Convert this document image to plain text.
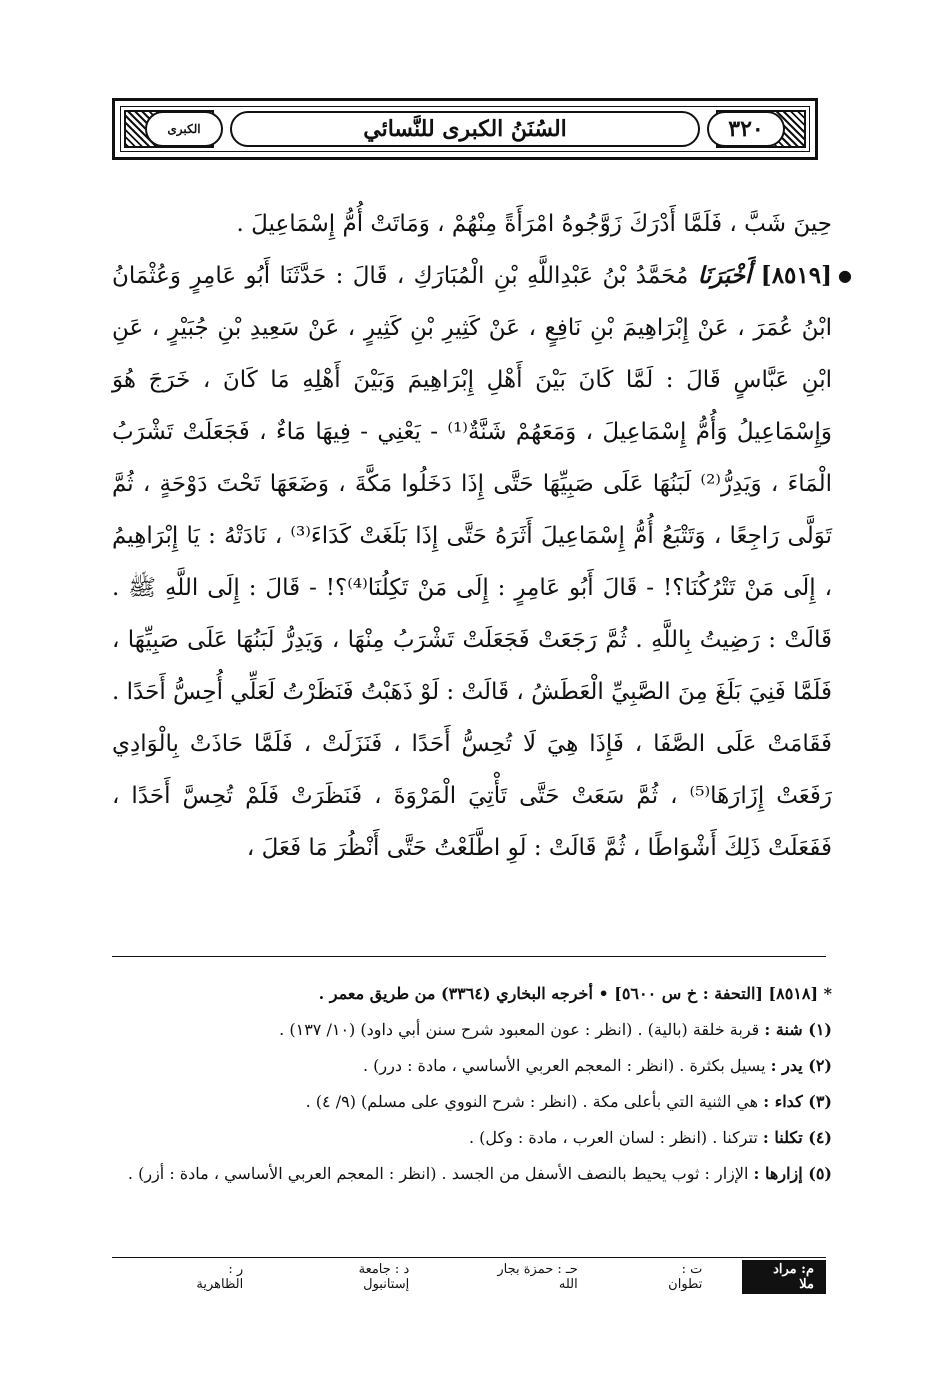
الكبرى	السُنَنُ الكبرى للنَّسائي	٣٢٠

حِينَ شَبَّ ، فَلَمَّا أَدْرَكَ زَوَّجُوهُ امْرَأَةً مِنْهُمْ ، وَمَاتَتْ أُمُّ إِسْمَاعِيلَ .

●
[٨٥١٩] أَخْبَرَنَا مُحَمَّدُ بْنُ عَبْدِاللَّهِ بْنِ الْمُبَارَكِ ، قَالَ : حَدَّثَنَا أَبُو عَامِرٍ وَعُثْمَانُ ابْنُ عُمَرَ ، عَنْ إِبْرَاهِيمَ بْنِ نَافِعٍ ، عَنْ كَثِيرِ بْنِ كَثِيرٍ ، عَنْ سَعِيدِ بْنِ جُبَيْرٍ ، عَنِ ابْنِ عَبَّاسٍ قَالَ : لَمَّا كَانَ بَيْنَ أَهْلِ إِبْرَاهِيمَ وَبَيْنَ أَهْلِهِ مَا كَانَ ، خَرَجَ هُوَ وَإِسْمَاعِيلُ وَأُمُّ إِسْمَاعِيلَ ، وَمَعَهُمْ شَنَّةٌ⁽¹⁾ - يَعْنِي - فِيهَا مَاءٌ ، فَجَعَلَتْ تَشْرَبُ الْمَاءَ ، وَيَدِرُّ⁽²⁾ لَبَنُهَا عَلَى صَبِيِّهَا حَتَّى إِذَا دَخَلُوا مَكَّةَ ، وَضَعَهَا تَحْتَ دَوْحَةٍ ، ثُمَّ تَوَلَّى رَاجِعًا ، وَتَتْبَعُ أُمُّ إِسْمَاعِيلَ أَثَرَهُ حَتَّى إِذَا بَلَغَتْ كَدَاءَ⁽³⁾ ، نَادَتْهُ : يَا إِبْرَاهِيمُ ، إِلَى مَنْ تَتْرُكُنَا؟! - قَالَ أَبُو عَامِرٍ : إِلَى مَنْ تَكِلُنَا⁽⁴⁾؟! - قَالَ : إِلَى اللَّهِ ﷺ . قَالَتْ : رَضِيتُ بِاللَّهِ . ثُمَّ رَجَعَتْ فَجَعَلَتْ تَشْرَبُ مِنْهَا ، وَيَدِرُّ لَبَنُهَا عَلَى صَبِيِّهَا ، فَلَمَّا فَنِيَ بَلَغَ مِنَ الصَّبِيِّ الْعَطَشُ ، قَالَتْ : لَوْ ذَهَبْتُ فَنَظَرْتُ لَعَلِّي أُحِسُّ أَحَدًا . فَقَامَتْ عَلَى الصَّفَا ، فَإِذَا هِيَ لَا تُحِسُّ أَحَدًا ، فَنَزَلَتْ ، فَلَمَّا حَاذَتْ بِالْوَادِي رَفَعَتْ إِزَارَهَا⁽⁵⁾ ، ثُمَّ سَعَتْ حَتَّى تَأْتِيَ الْمَرْوَةَ ، فَنَظَرَتْ فَلَمْ تُحِسَّ أَحَدًا ، فَفَعَلَتْ ذَلِكَ أَشْوَاطًا ، ثُمَّ قَالَتْ : لَوِ اطَّلَعْتُ حَتَّى أَنْظُرَ مَا فَعَلَ ،

* [٨٥١٨] [التحفة : خ س ٥٦٠٠] • أخرجه البخاري (٣٣٦٤) من طريق معمر .

(١) شنة : قربة خلقة (بالية) . (انظر : عون المعبود شرح سنن أبي داود) (١٠/ ١٣٧) .

(٢) يدر : يسيل بكثرة . (انظر : المعجم العربي الأساسي ، مادة : درر) .

(٣) كداء : هي الثنية التي بأعلى مكة . (انظر : شرح النووي على مسلم) (٩/ ٤) .

(٤) تكلنا : تتركنا . (انظر : لسان العرب ، مادة : وكل) .

(٥) إزارها : الإزار : ثوب يحيط بالنصف الأسفل من الجسد . (انظر : المعجم العربي الأساسي ، مادة : أزر) .

م: مراد ملا
ت : تطوان
حـ : حمزة بجار الله
د : جامعة إستانبول
ر : الظاهرية
